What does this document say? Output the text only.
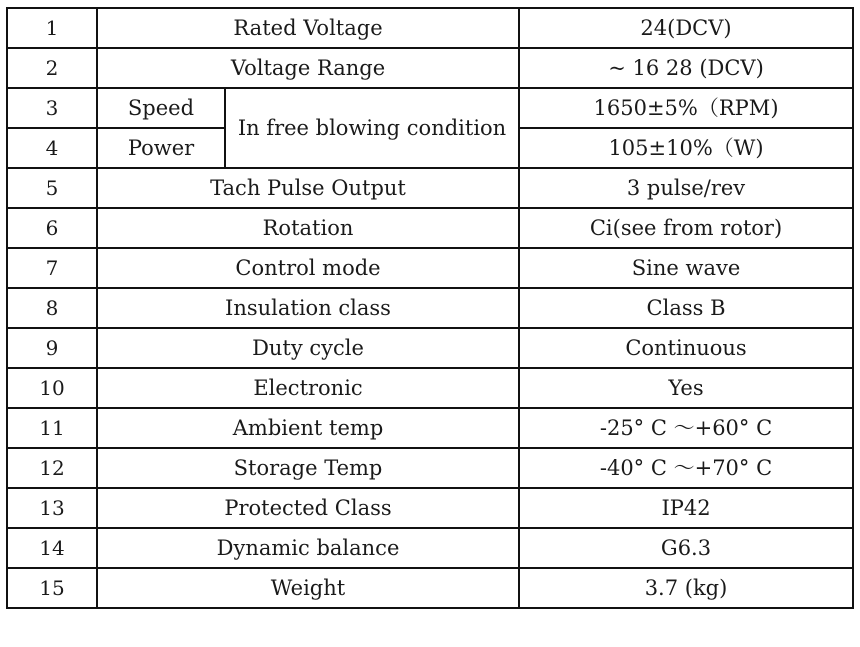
1	Rated Voltage		24(DCV)
2	Voltage Range		~ 16 28 (DCV)
3	Speed	In free blowing condition	1650±5%（RPM)
4	Power		105±10%（W)
5	Tach Pulse Output		3 pulse/rev
6	Rotation		Ci(see from rotor)
7	Control mode		Sine wave
8	Insulation class		Class B
9	Duty cycle		Continuous
10	Electronic		Yes
11	Ambient temp		-25° C ～+60° C
12	Storage Temp		-40° C ～+70° C
13	Protected Class		IP42
14	Dynamic balance		G6.3
15	Weight		3.7 (kg)
